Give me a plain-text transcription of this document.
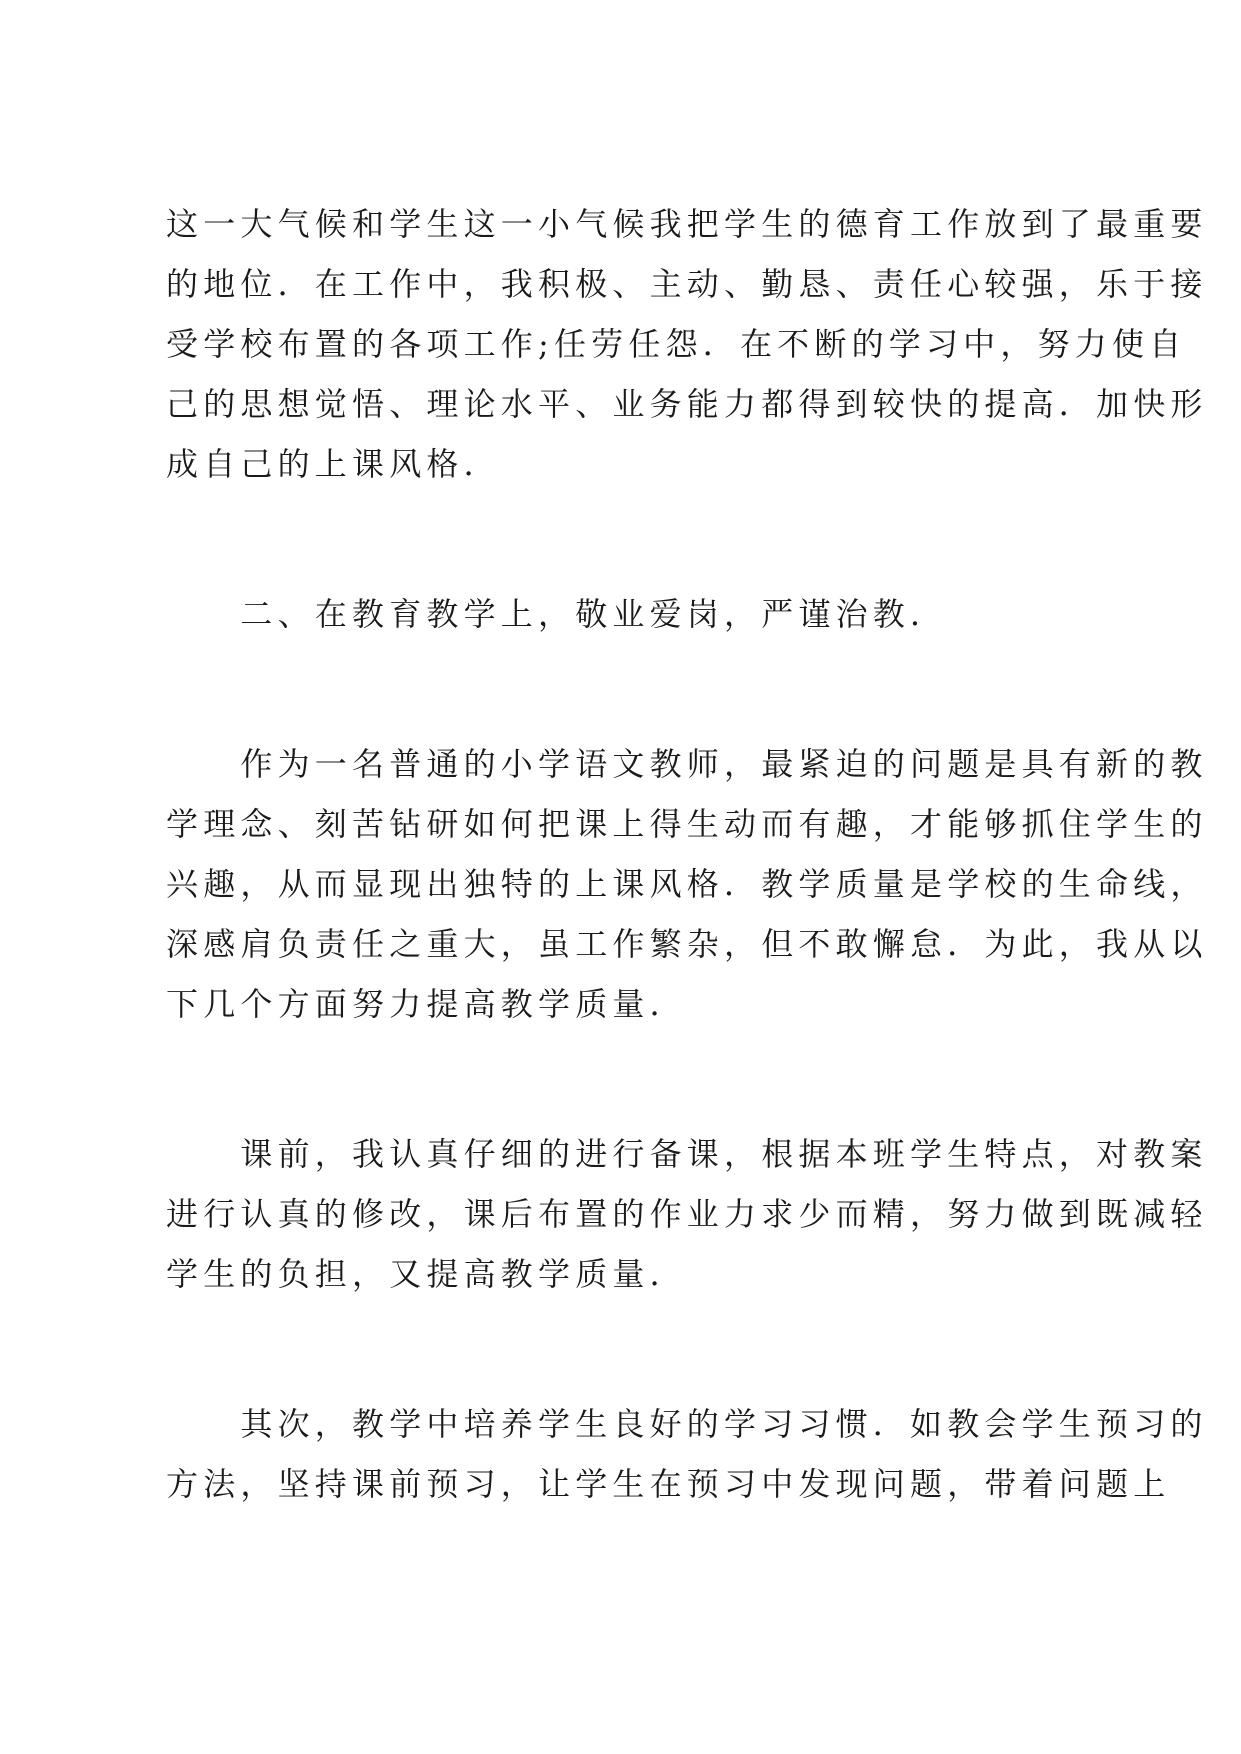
这一大气候和学生这一小气候我把学生的德育工作放到了最重要
的地位．在工作中，我积极、主动、勤恳、责任心较强，乐于接
受学校布置的各项工作;任劳任怨．在不断的学习中，努力使自
己的思想觉悟、理论水平、业务能力都得到较快的提高．加快形
成自己的上课风格．
　　二、在教育教学上，敬业爱岗，严谨治教．
　　作为一名普通的小学语文教师，最紧迫的问题是具有新的教
学理念、刻苦钻研如何把课上得生动而有趣，才能够抓住学生的
兴趣，从而显现出独特的上课风格．教学质量是学校的生命线，
深感肩负责任之重大，虽工作繁杂，但不敢懈怠．为此，我从以
下几个方面努力提高教学质量．
　　课前，我认真仔细的进行备课，根据本班学生特点，对教案
进行认真的修改，课后布置的作业力求少而精，努力做到既减轻
学生的负担，又提高教学质量．
　　其次，教学中培养学生良好的学习习惯．如教会学生预习的
方法，坚持课前预习，让学生在预习中发现问题，带着问题上
